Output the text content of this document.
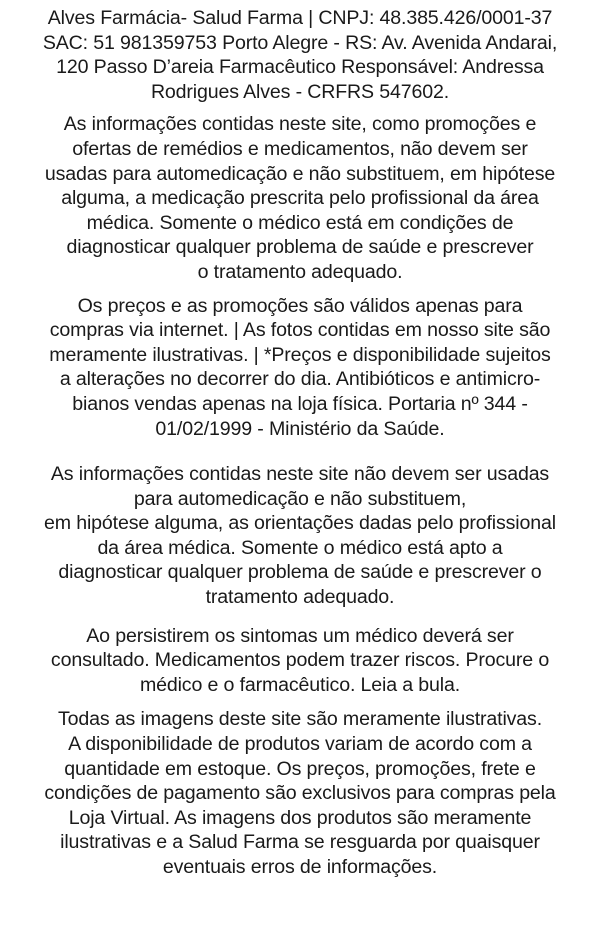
Alves Farmácia- Salud Farma | CNPJ: 48.385.426/0001-37
SAC: 51 981359753 Porto Alegre - RS: Av. Avenida Andarai,
120 Passo D’areia Farmacêutico Responsável: Andressa
Rodrigues Alves - CRFRS 547602.

As informações contidas neste site, como promoções e
ofertas de remédios e medicamentos, não devem ser
usadas para automedicação e não substituem, em hipótese
alguma, a medicação prescrita pelo profissional da área
médica. Somente o médico está em condições de
diagnosticar qualquer problema de saúde e prescrever
o tratamento adequado.

Os preços e as promoções são válidos apenas para
compras via internet. | As fotos contidas em nosso site são
meramente ilustrativas. | *Preços e disponibilidade sujeitos
a alterações no decorrer do dia. Antibióticos e antimicro-
bianos vendas apenas na loja física. Portaria nº 344 -
01/02/1999 - Ministério da Saúde.

As informações contidas neste site não devem ser usadas
para automedicação e não substituem,
em hipótese alguma, as orientações dadas pelo profissional
da área médica. Somente o médico está apto a
diagnosticar qualquer problema de saúde e prescrever o
tratamento adequado.

Ao persistirem os sintomas um médico deverá ser
consultado. Medicamentos podem trazer riscos. Procure o
médico e o farmacêutico. Leia a bula.

Todas as imagens deste site são meramente ilustrativas.
A disponibilidade de produtos variam de acordo com a
quantidade em estoque. Os preços, promoções, frete e
condições de pagamento são exclusivos para compras pela
Loja Virtual. As imagens dos produtos são meramente
ilustrativas e a Salud Farma se resguarda por quaisquer
eventuais erros de informações.
